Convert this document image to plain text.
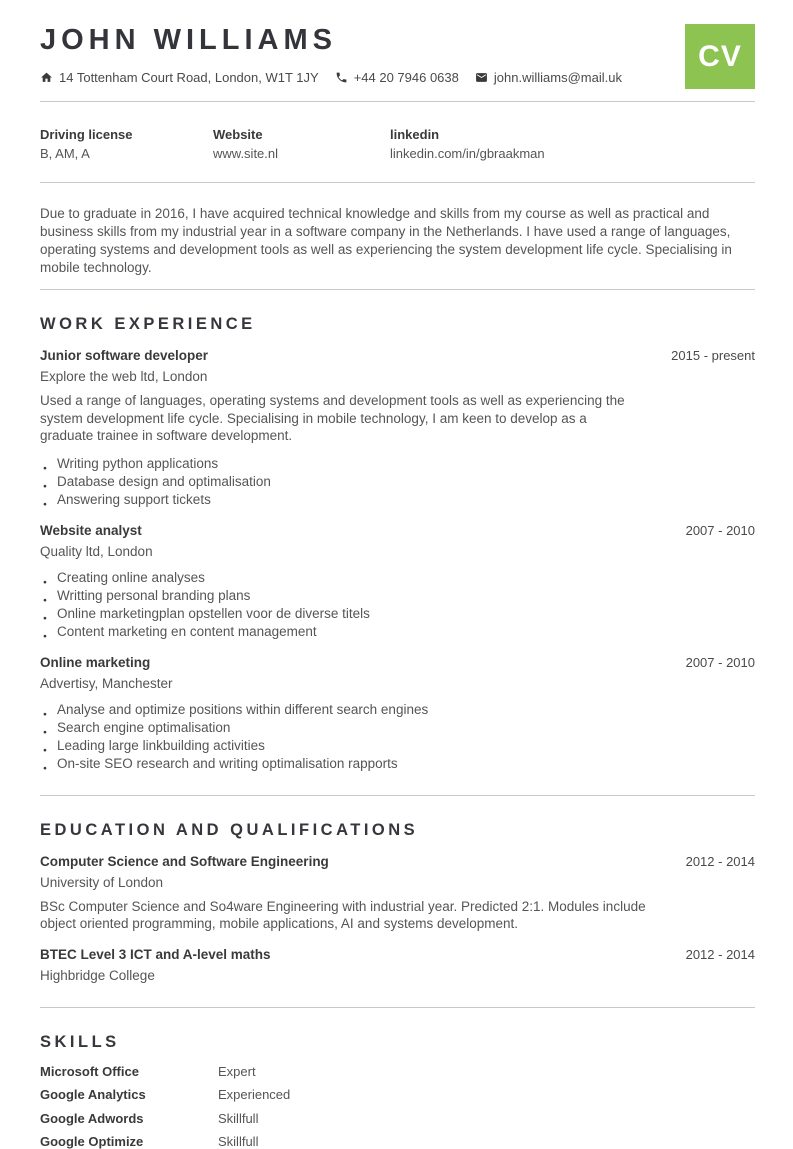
JOHN WILLIAMS	CV
14 Tottenham Court Road, London, W1T 1JY	+44 20 7946 0638	john.williams@mail.uk
Driving license
B, AM, A
Website
www.site.nl
linkedin
linkedin.com/in/gbraakman

Due to graduate in 2016, I have acquired technical knowledge and skills from my course as well as practical and business skills from my industrial year in a software company in the Netherlands. I have used a range of languages, operating systems and development tools as well as experiencing the system development life cycle. Specialising in mobile technology.

WORK EXPERIENCE
Junior software developer	2015 - present
Explore the web ltd, London

Used a range of languages, operating systems and development tools as well as experiencing the system development life cycle. Specialising in mobile technology, I am keen to develop as a graduate trainee in software development.

● Writing python applications
● Database design and optimalisation
● Answering support tickets
Website analyst	2007 - 2010
Quality ltd, London
● Creating online analyses
● Writting personal branding plans
● Online marketingplan opstellen voor de diverse titels
● Content marketing en content management
Online marketing	2007 - 2010
Advertisy, Manchester
● Analyse and optimize positions within different search engines
● Search engine optimalisation
● Leading large linkbuilding activities
● On-site SEO research and writing optimalisation rapports
EDUCATION AND QUALIFICATIONS
Computer Science and Software Engineering	2012 - 2014
University of London

BSc Computer Science and So4ware Engineering with industrial year. Predicted 2:1. Modules include object oriented programming, mobile applications, AI and systems development.

BTEC Level 3 ICT and A-level maths	2012 - 2014
Highbridge College
SKILLS
Microsoft Office	Expert
Google Analytics	Experienced
Google Adwords	Skillfull
Google Optimize	Skillfull
